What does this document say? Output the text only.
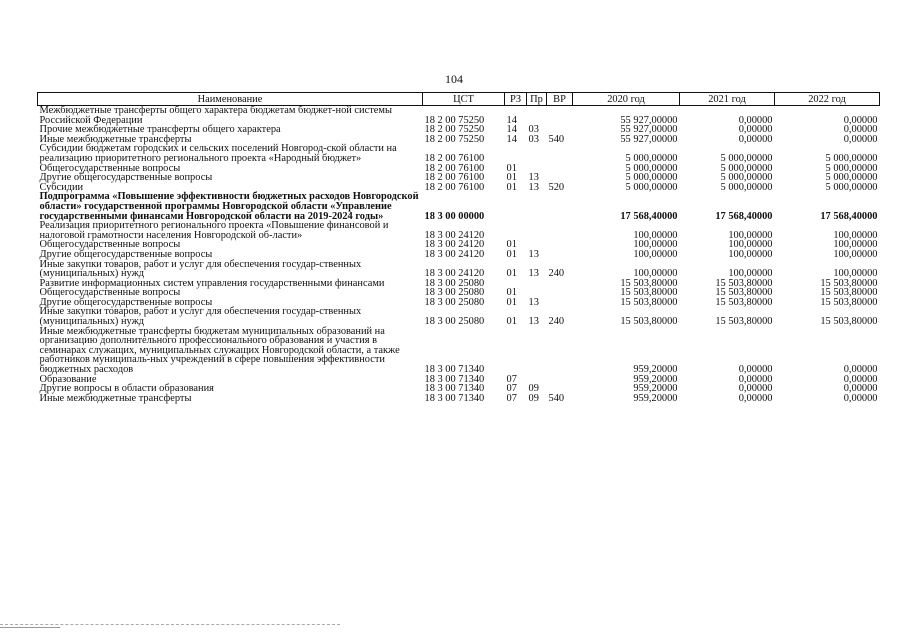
104
Наименование	ЦСТ	РЗ	Пр	ВР	2020 год	2021 год	2022 год
Межбюджетные трансферты общего характера бюджетам бюджет-ной системы Российской Федерации	18 2 00 75250	14			55 927,00000	0,00000	0,00000
Прочие межбюджетные трансферты общего характера	18 2 00 75250	14	03		55 927,00000	0,00000	0,00000
Иные межбюджетные трансферты	18 2 00 75250	14	03	540	55 927,00000	0,00000	0,00000
Субсидии бюджетам городских и сельских поселений Новгород-ской области на реализацию приоритетного регионального проекта «Народный бюджет»	18 2 00 76100				5 000,00000	5 000,00000	5 000,00000
Общегосударственные вопросы	18 2 00 76100	01			5 000,00000	5 000,00000	5 000,00000
Другие общегосударственные вопросы	18 2 00 76100	01	13		5 000,00000	5 000,00000	5 000,00000
Субсидии	18 2 00 76100	01	13	520	5 000,00000	5 000,00000	5 000,00000
Подпрограмма «Повышение эффективности бюджетных расходов Новгородской области» государственной программы Новгородской области «Управление государственными финансами Новгородской области на 2019-2024 годы»	18 3 00 00000				17 568,40000	17 568,40000	17 568,40000
Реализация приоритетного регионального проекта «Повышение финансовой и налоговой грамотности населения Новгородской об-ласти»	18 3 00 24120				100,00000	100,00000	100,00000
Общегосударственные вопросы	18 3 00 24120	01			100,00000	100,00000	100,00000
Другие общегосударственные вопросы	18 3 00 24120	01	13		100,00000	100,00000	100,00000
Иные закупки товаров, работ и услуг для обеспечения государ-ственных (муниципальных) нужд	18 3 00 24120	01	13	240	100,00000	100,00000	100,00000
Развитие информационных систем управления государственными финансами	18 3 00 25080				15 503,80000	15 503,80000	15 503,80000
Общегосударственные вопросы	18 3 00 25080	01			15 503,80000	15 503,80000	15 503,80000
Другие общегосударственные вопросы	18 3 00 25080	01	13		15 503,80000	15 503,80000	15 503,80000
Иные закупки товаров, работ и услуг для обеспечения государ-ственных (муниципальных) нужд	18 3 00 25080	01	13	240	15 503,80000	15 503,80000	15 503,80000
Иные межбюджетные трансферты бюджетам муниципальных образований на организацию дополнительного профессионального образования и участия в семинарах служащих, муниципальных служащих Новгородской области, а также работников муниципаль-ных учреждений в сфере повышения эффективности бюджетных расходов	18 3 00 71340				959,20000	0,00000	0,00000
Образование	18 3 00 71340	07			959,20000	0,00000	0,00000
Другие вопросы в области образования	18 3 00 71340	07	09		959,20000	0,00000	0,00000
Иные межбюджетные трансферты	18 3 00 71340	07	09	540	959,20000	0,00000	0,00000
